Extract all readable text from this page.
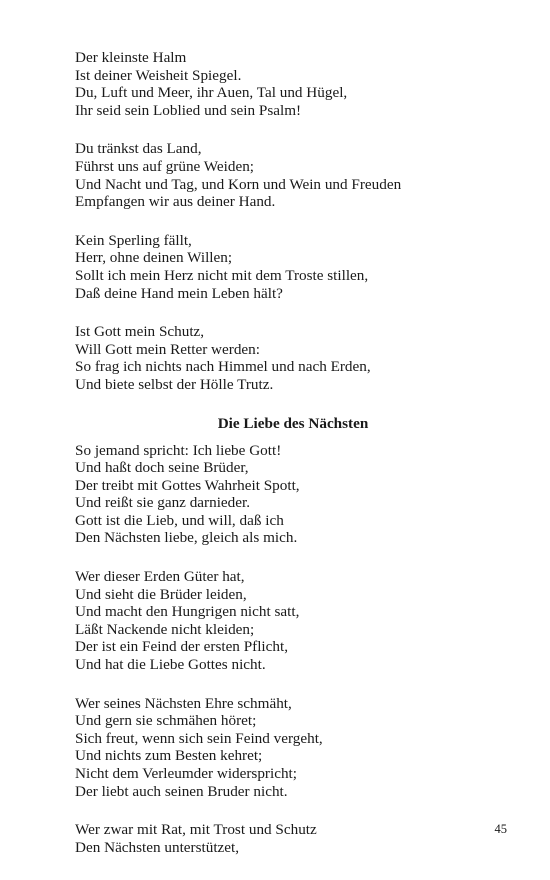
Der kleinste Halm
Ist deiner Weisheit Spiegel.
Du, Luft und Meer, ihr Auen, Tal und Hügel,
Ihr seid sein Loblied und sein Psalm!
Du tränkst das Land,
Führst uns auf grüne Weiden;
Und Nacht und Tag, und Korn und Wein und Freuden
Empfangen wir aus deiner Hand.
Kein Sperling fällt,
Herr, ohne deinen Willen;
Sollt ich mein Herz nicht mit dem Troste stillen,
Daß deine Hand mein Leben hält?
Ist Gott mein Schutz,
Will Gott mein Retter werden:
So frag ich nichts nach Himmel und nach Erden,
Und biete selbst der Hölle Trutz.
Die Liebe des Nächsten
So jemand spricht: Ich liebe Gott!
Und haßt doch seine Brüder,
Der treibt mit Gottes Wahrheit Spott,
Und reißt sie ganz darnieder.
Gott ist die Lieb, und will, daß ich
Den Nächsten liebe, gleich als mich.
Wer dieser Erden Güter hat,
Und sieht die Brüder leiden,
Und macht den Hungrigen nicht satt,
Läßt Nackende nicht kleiden;
Der ist ein Feind der ersten Pflicht,
Und hat die Liebe Gottes nicht.
Wer seines Nächsten Ehre schmäht,
Und gern sie schmähen höret;
Sich freut, wenn sich sein Feind vergeht,
Und nichts zum Besten kehret;
Nicht dem Verleumder widerspricht;
Der liebt auch seinen Bruder nicht.
Wer zwar mit Rat, mit Trost und Schutz
Den Nächsten unterstützet,
45
